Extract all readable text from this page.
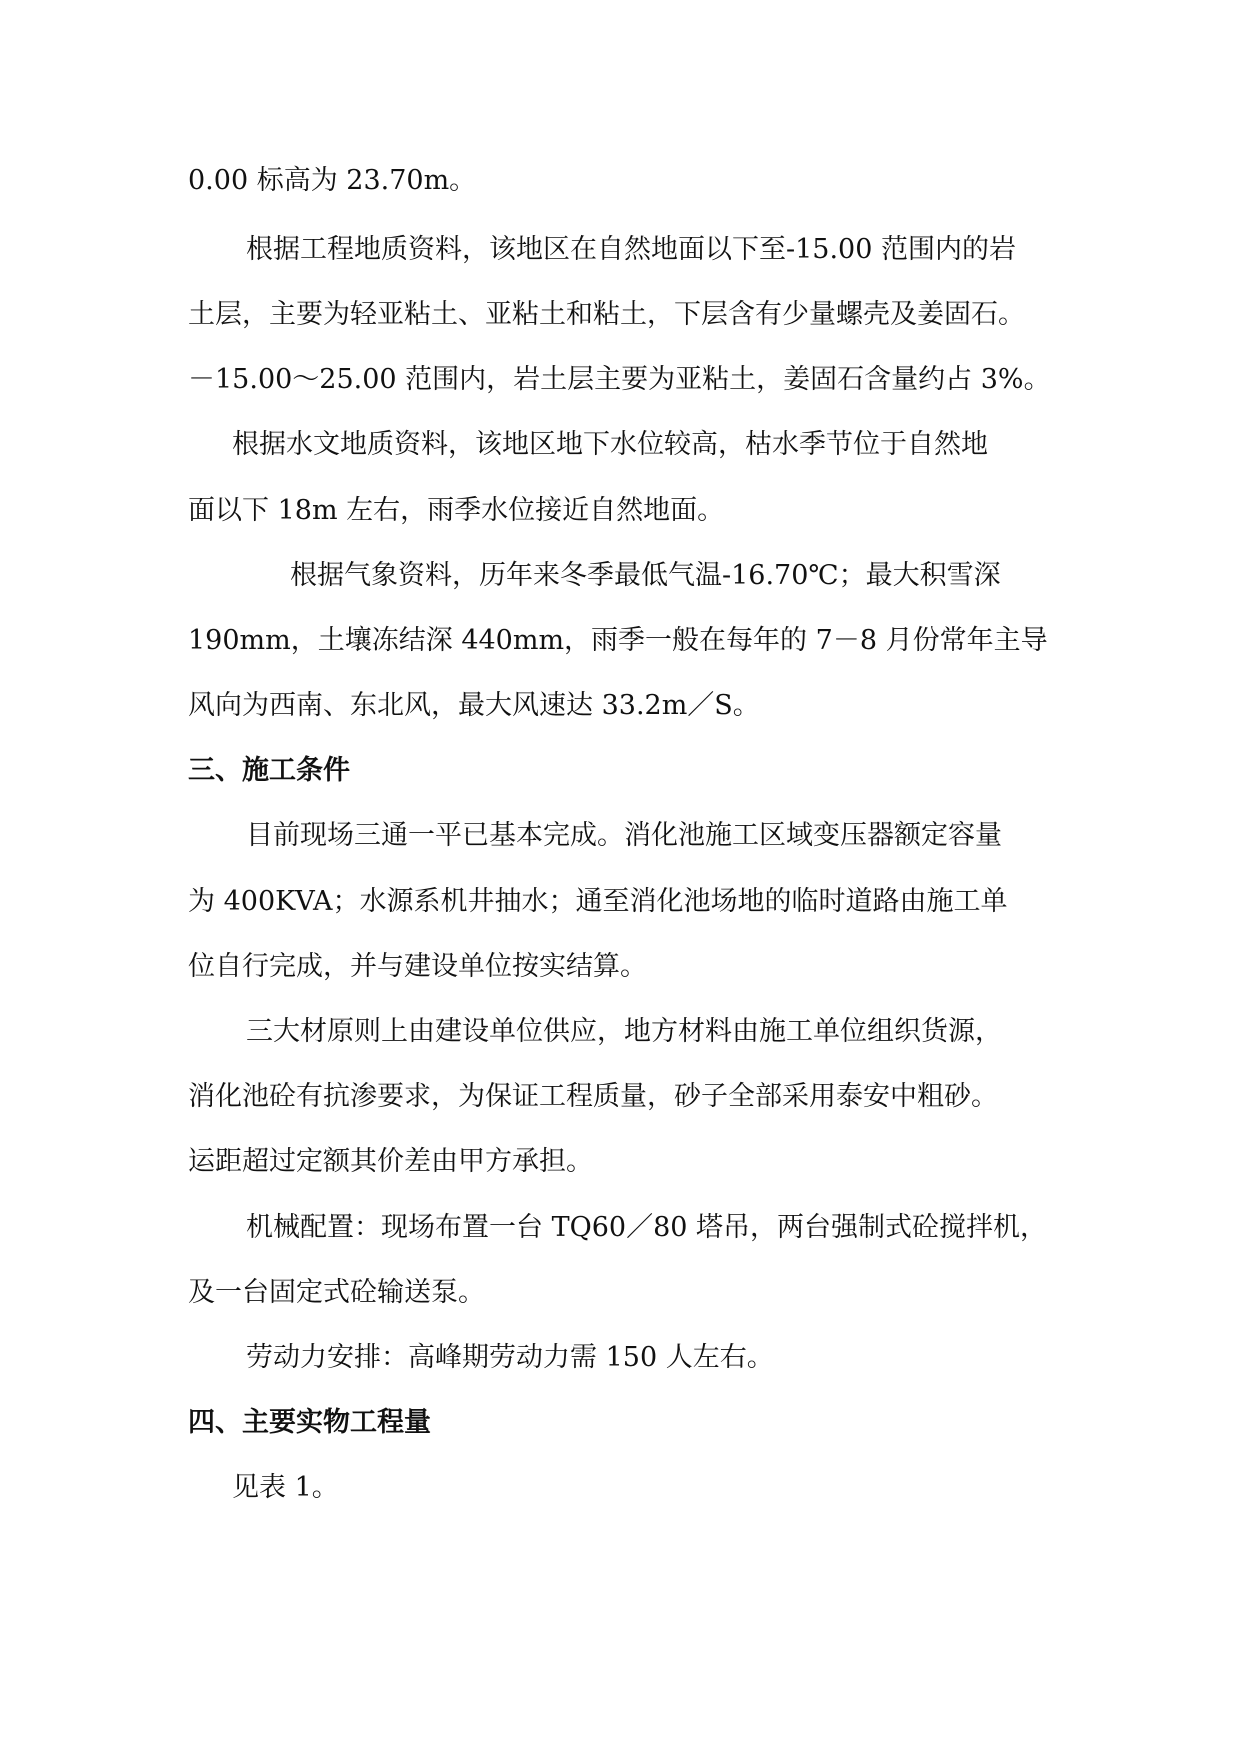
0.00 标高为 23.70m。
根据工程地质资料，该地区在自然地面以下至-15.00 范围内的岩
土层，主要为轻亚粘土、亚粘土和粘土，下层含有少量螺壳及姜固石。
－15.00～25.00 范围内，岩土层主要为亚粘土，姜固石含量约占 3%。
根据水文地质资料，该地区地下水位较高，枯水季节位于自然地
面以下 18m 左右，雨季水位接近自然地面。
根据气象资料，历年来冬季最低气温-16.70℃；最大积雪深
190mm，土壤冻结深 440mm，雨季一般在每年的 7－8 月份常年主导
风向为西南、东北风，最大风速达 33.2m／S。
三、施工条件
目前现场三通一平已基本完成。消化池施工区域变压器额定容量
为 400KVA；水源系机井抽水；通至消化池场地的临时道路由施工单
位自行完成，并与建设单位按实结算。
三大材原则上由建设单位供应，地方材料由施工单位组织货源，
消化池砼有抗渗要求，为保证工程质量，砂子全部采用泰安中粗砂。
运距超过定额其价差由甲方承担。
机械配置：现场布置一台 TQ60／80 塔吊，两台强制式砼搅拌机，
及一台固定式砼输送泵。
劳动力安排：高峰期劳动力需 150 人左右。
四、主要实物工程量
见表 1。
